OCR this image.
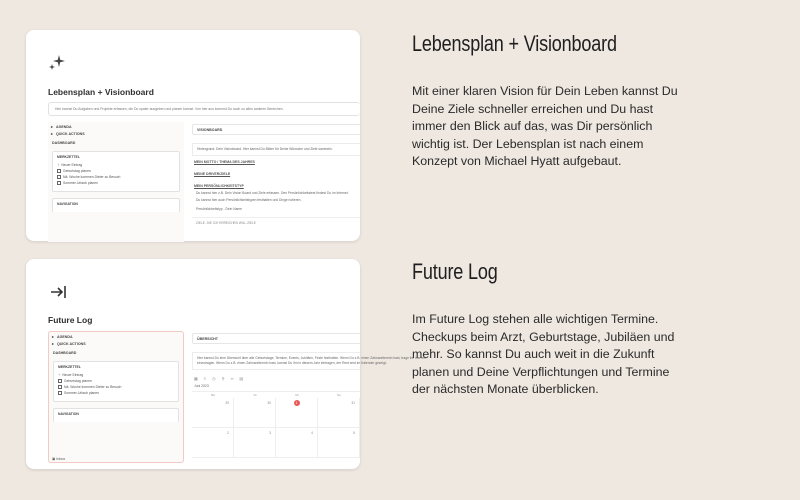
Lebensplan + Visionboard
Hier kannst Du Aufgaben und Projekte erfassen, die Du spater ausgeben und planen kannst. Von hier aus kommst Du auch zu allen anderen Bereichen.
▸ AGENDA
▸ QUICK ACTIONS
DASHBOARD
MERKZETTEL
＋ Neuer Eintrag
Geburtstag planen
Nä. Woche kommen Dieter zu Besuch
Sommer-Urlaub planen
NAVIGATION
VISIONBOARD
Hintergrund: Dein Visionboard. Hier kannst Du Bilder für Deine Wünsche und Ziele sammeln.
MEIN MOTTO / THEMA DES JAHRES
MEINE DRIVER/ZIELE
MEIN PERSÖNLICHKEITSTYP
Du kannst hier z.B. Dein Vision Board und Ziele erfassen. Den Persönlichkeitstest findest Du im Internet.
Du kannst hier auch Persönlichkeitstypen festhalten und Dinge notieren.
Persönlichkeitstyp - Dein Name
ZIELE, DIE ICH ERREICHEN WILL ZIELE
Future Log
▸ AGENDA
▸ QUICK ACTIONS
DASHBOARD
MERKZETTEL
＋ Neuer Eintrag
Geburtstag planen
Nä. Woche kommen Dieter zu Besuch
Sommer-Urlaub planen
NAVIGATION
▣ Inbox
ÜBERSICHT
Hier kannst Du eine Übersicht über alle Geburtstage, Termine, Events, Jubiläen, Feste festhalten. Wenn Du z.B. einen Zahnarzttermin hast, trage ihn hier ein.
einzutragen. Wenn Du z.B. einen Zahnarzttermin hast, kannst Du ihn in diesem Jahr eintragen, der Rest wird im Kalender gezeigt.
▦ ≡ ◷ ⚲ ∞ ▤
Juni 2023
Mo	Di	Mi	Do
29	30	1	31
2	3	4	5
Lebensplan + Visionboard
Mit einer klaren Vision für Dein Leben kannst Du
Deine Ziele schneller erreichen und Du hast
immer den Blick auf das, was Dir persönlich
wichtig ist. Der Lebensplan ist nach einem
Konzept von Michael Hyatt aufgebaut.
Future Log
Im Future Log stehen alle wichtigen Termine.
Checkups beim Arzt, Geburtstage, Jubiläen und
mehr. So kannst Du auch weit in die Zukunft
planen und Deine Verpflichtungen und Termine
der nächsten Monate überblicken.
